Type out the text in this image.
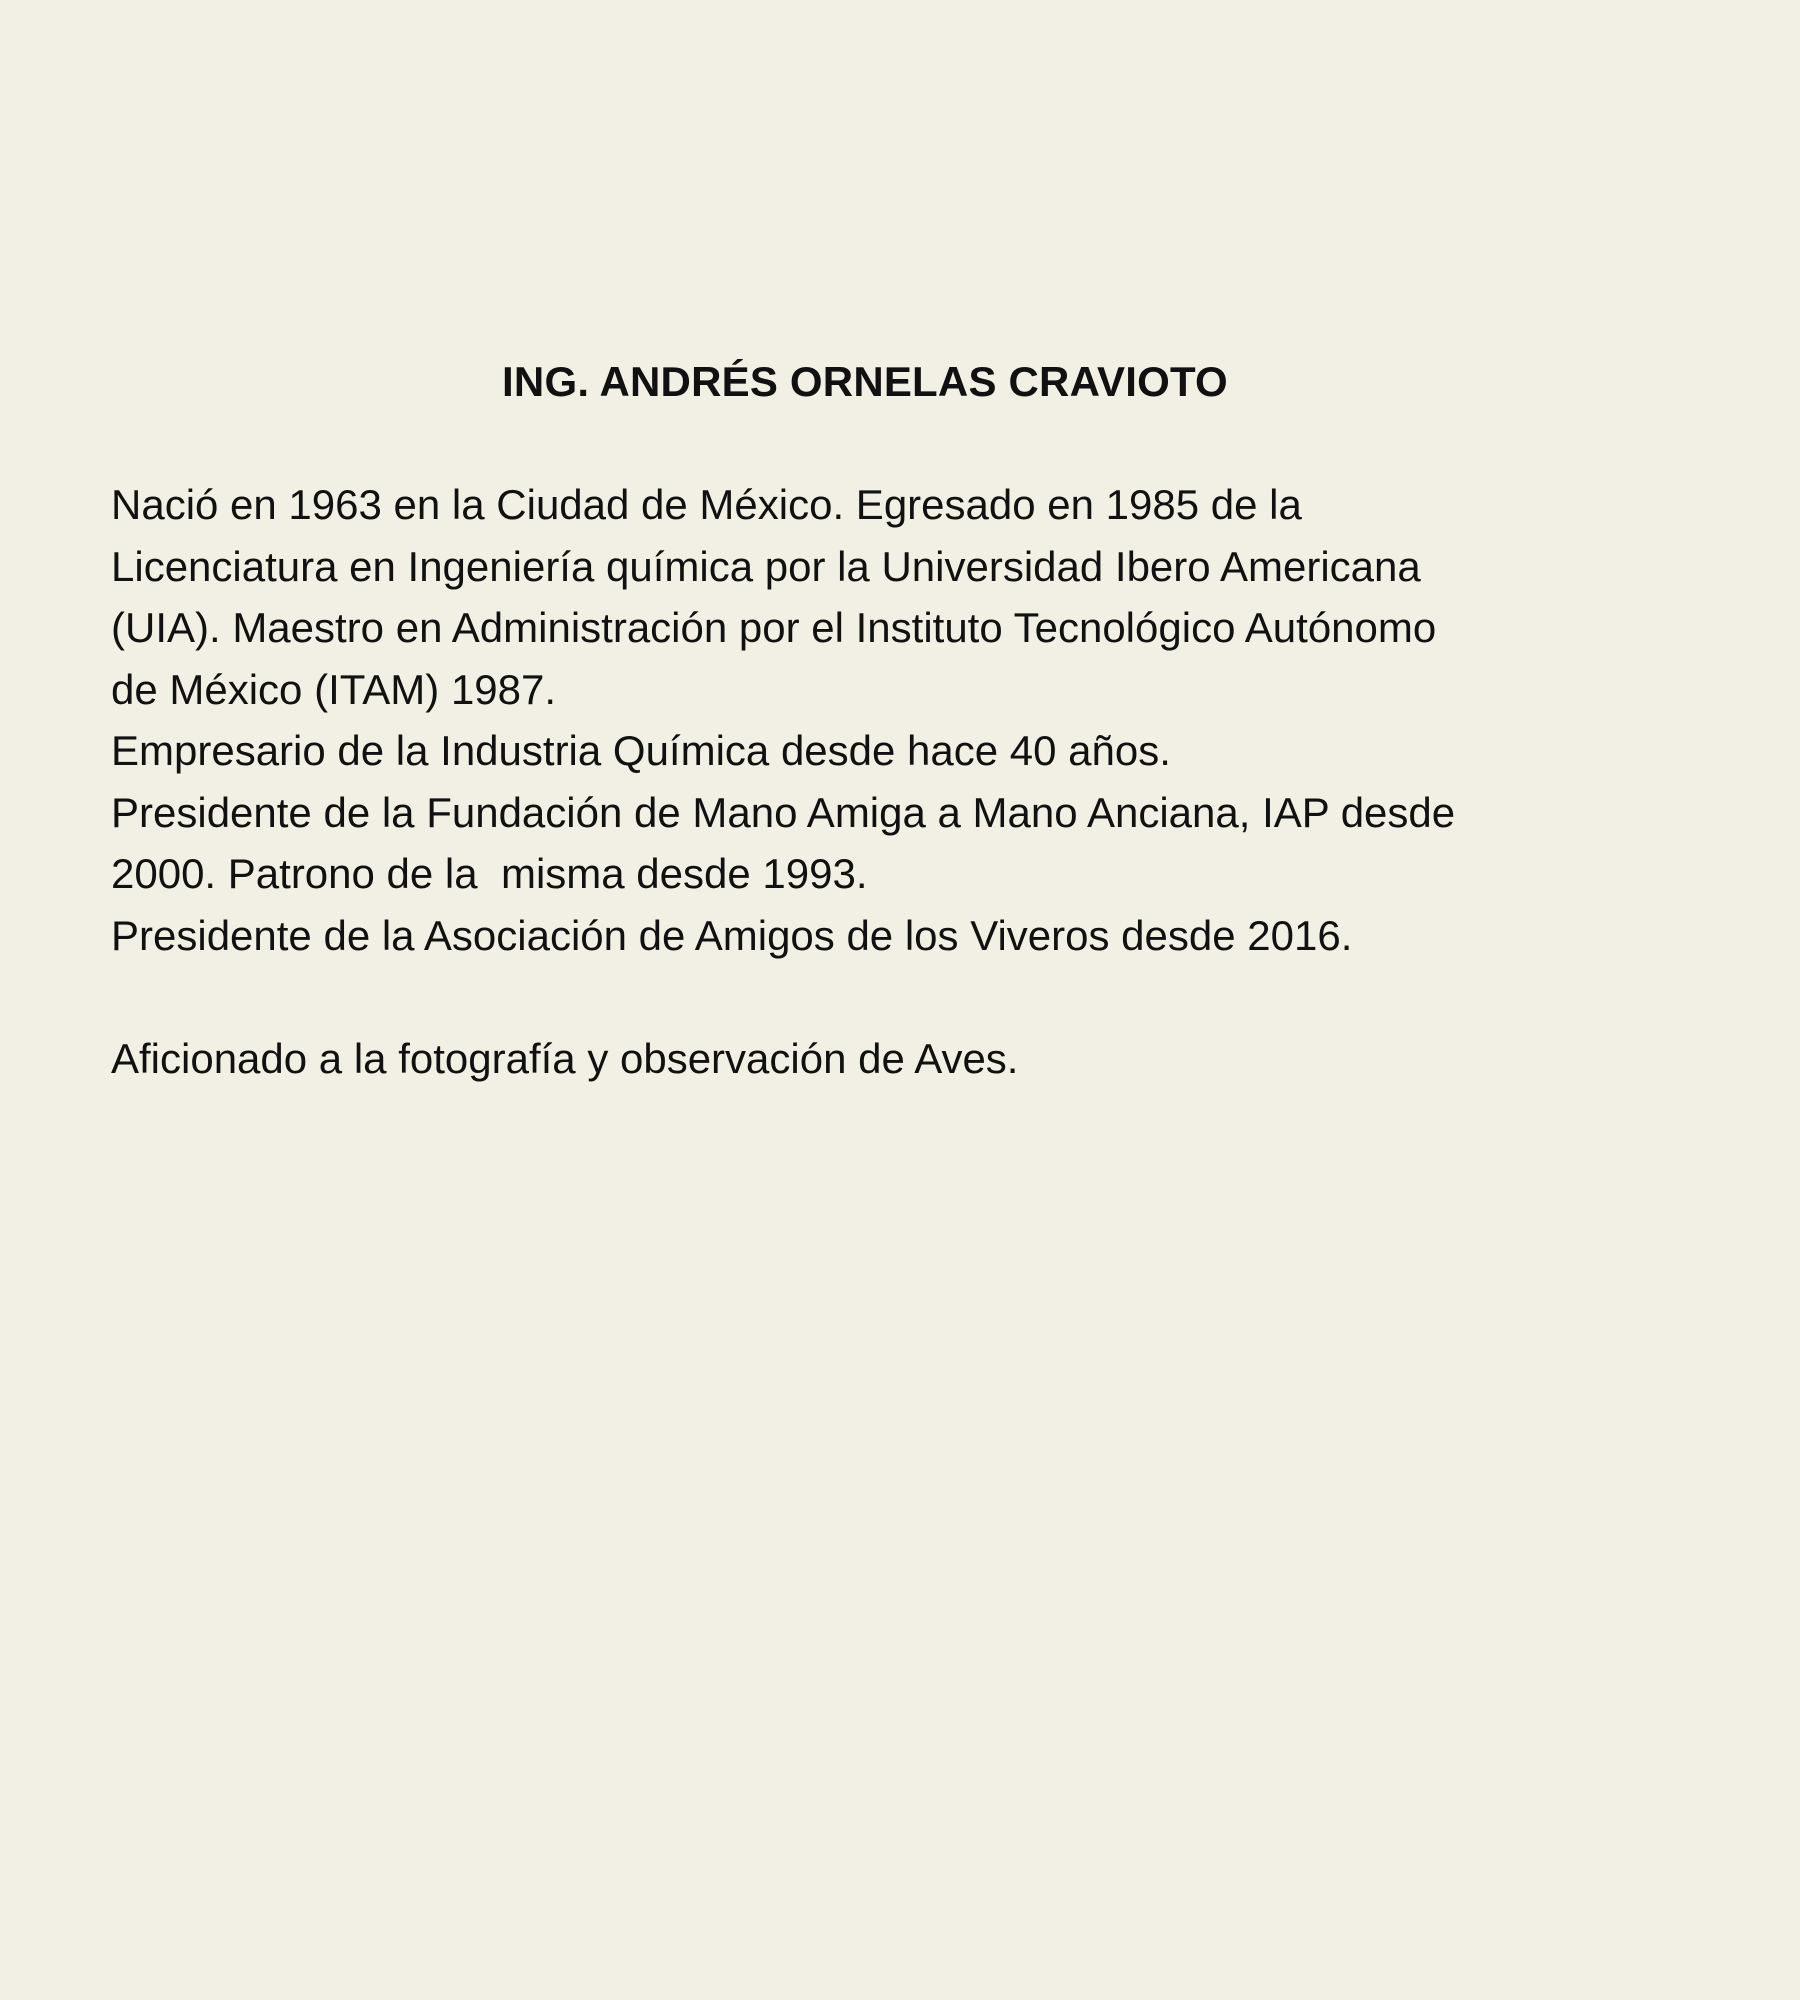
ING. ANDRÉS ORNELAS CRAVIOTO
Nació en 1963 en la Ciudad de México. Egresado en 1985 de la
Licenciatura en Ingeniería química por la Universidad Ibero Americana
(UIA). Maestro en Administración por el Instituto Tecnológico Autónomo
de México (ITAM) 1987.
Empresario de la Industria Química desde hace 40 años.
Presidente de la Fundación de Mano Amiga a Mano Anciana, IAP desde
2000. Patrono de la  misma desde 1993.
Presidente de la Asociación de Amigos de los Viveros desde 2016.
Aficionado a la fotografía y observación de Aves.
